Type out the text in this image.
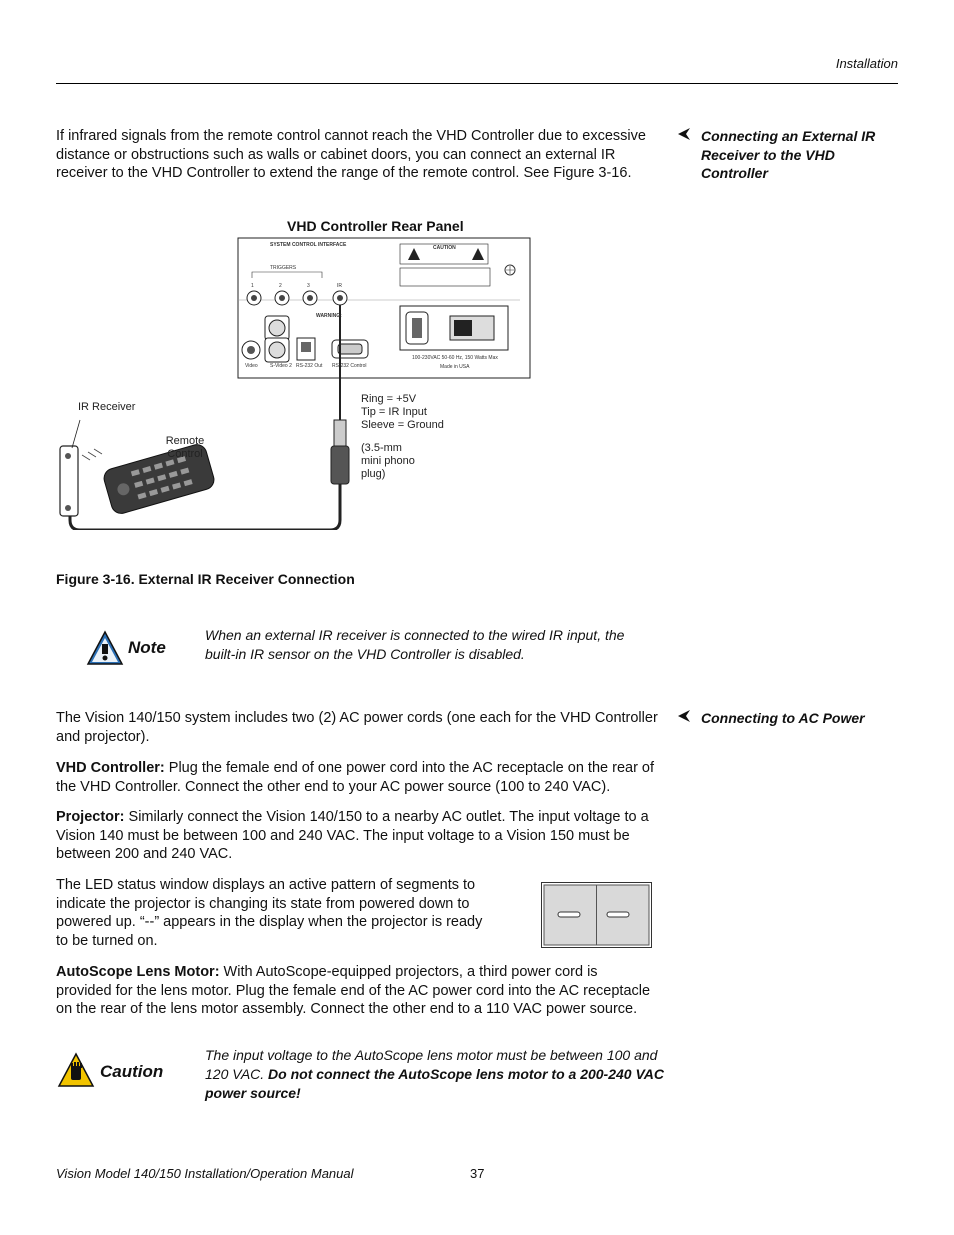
Installation
If infrared signals from the remote control cannot reach the VHD Controller due to excessive distance or obstructions such as walls or cabinet doors, you can connect an external IR receiver to the VHD Controller to extend the range of the remote control. See Figure 3-16.
Connecting an External IR
Receiver to the VHD
Controller
VHD Controller Rear Panel
SYSTEM CONTROL INTERFACE
TRIGGERS
1	2	3	IR
CAUTION
WARNING:
Video S-Video 2 RS-232 Out RS-232 Control
100-230VAC 50-60 Hz, 150 Watts Max
Made in USA
IR Receiver
Remote
Control
Ring = +5V
Tip = IR Input
Sleeve = Ground
(3.5-mm
mini phono
plug)
Figure 3-16. External IR Receiver Connection
Note
When an external IR receiver is connected to the wired IR input, the
built-in IR sensor on the VHD Controller is disabled.
Connecting to AC Power
The Vision 140/150 system includes two (2) AC power cords (one each for the VHD Controller
and projector).
VHD Controller: Plug the female end of one power cord into the AC receptacle on the rear of
the VHD Controller. Connect the other end to your AC power source (100 to 240 VAC).
Projector: Similarly connect the Vision 140/150 to a nearby AC outlet. The input voltage to a
Vision 140 must be between 100 and 240 VAC. The input voltage to a Vision 150 must be
between 200 and 240 VAC.
The LED status window displays an active pattern of segments to
indicate the projector is changing its state from powered down to
powered up. “--” appears in the display when the projector is ready
to be turned on.
AutoScope Lens Motor: With AutoScope-equipped projectors, a third power cord is
provided for the lens motor. Plug the female end of the AC power cord into the AC receptacle
on the rear of the lens motor assembly. Connect the other end to a 110 VAC power source.
Caution
The input voltage to the AutoScope lens motor must be between 100 and
120 VAC. Do not connect the AutoScope lens motor to a 200-240 VAC
power source!
Vision Model 140/150 Installation/Operation Manual	37
